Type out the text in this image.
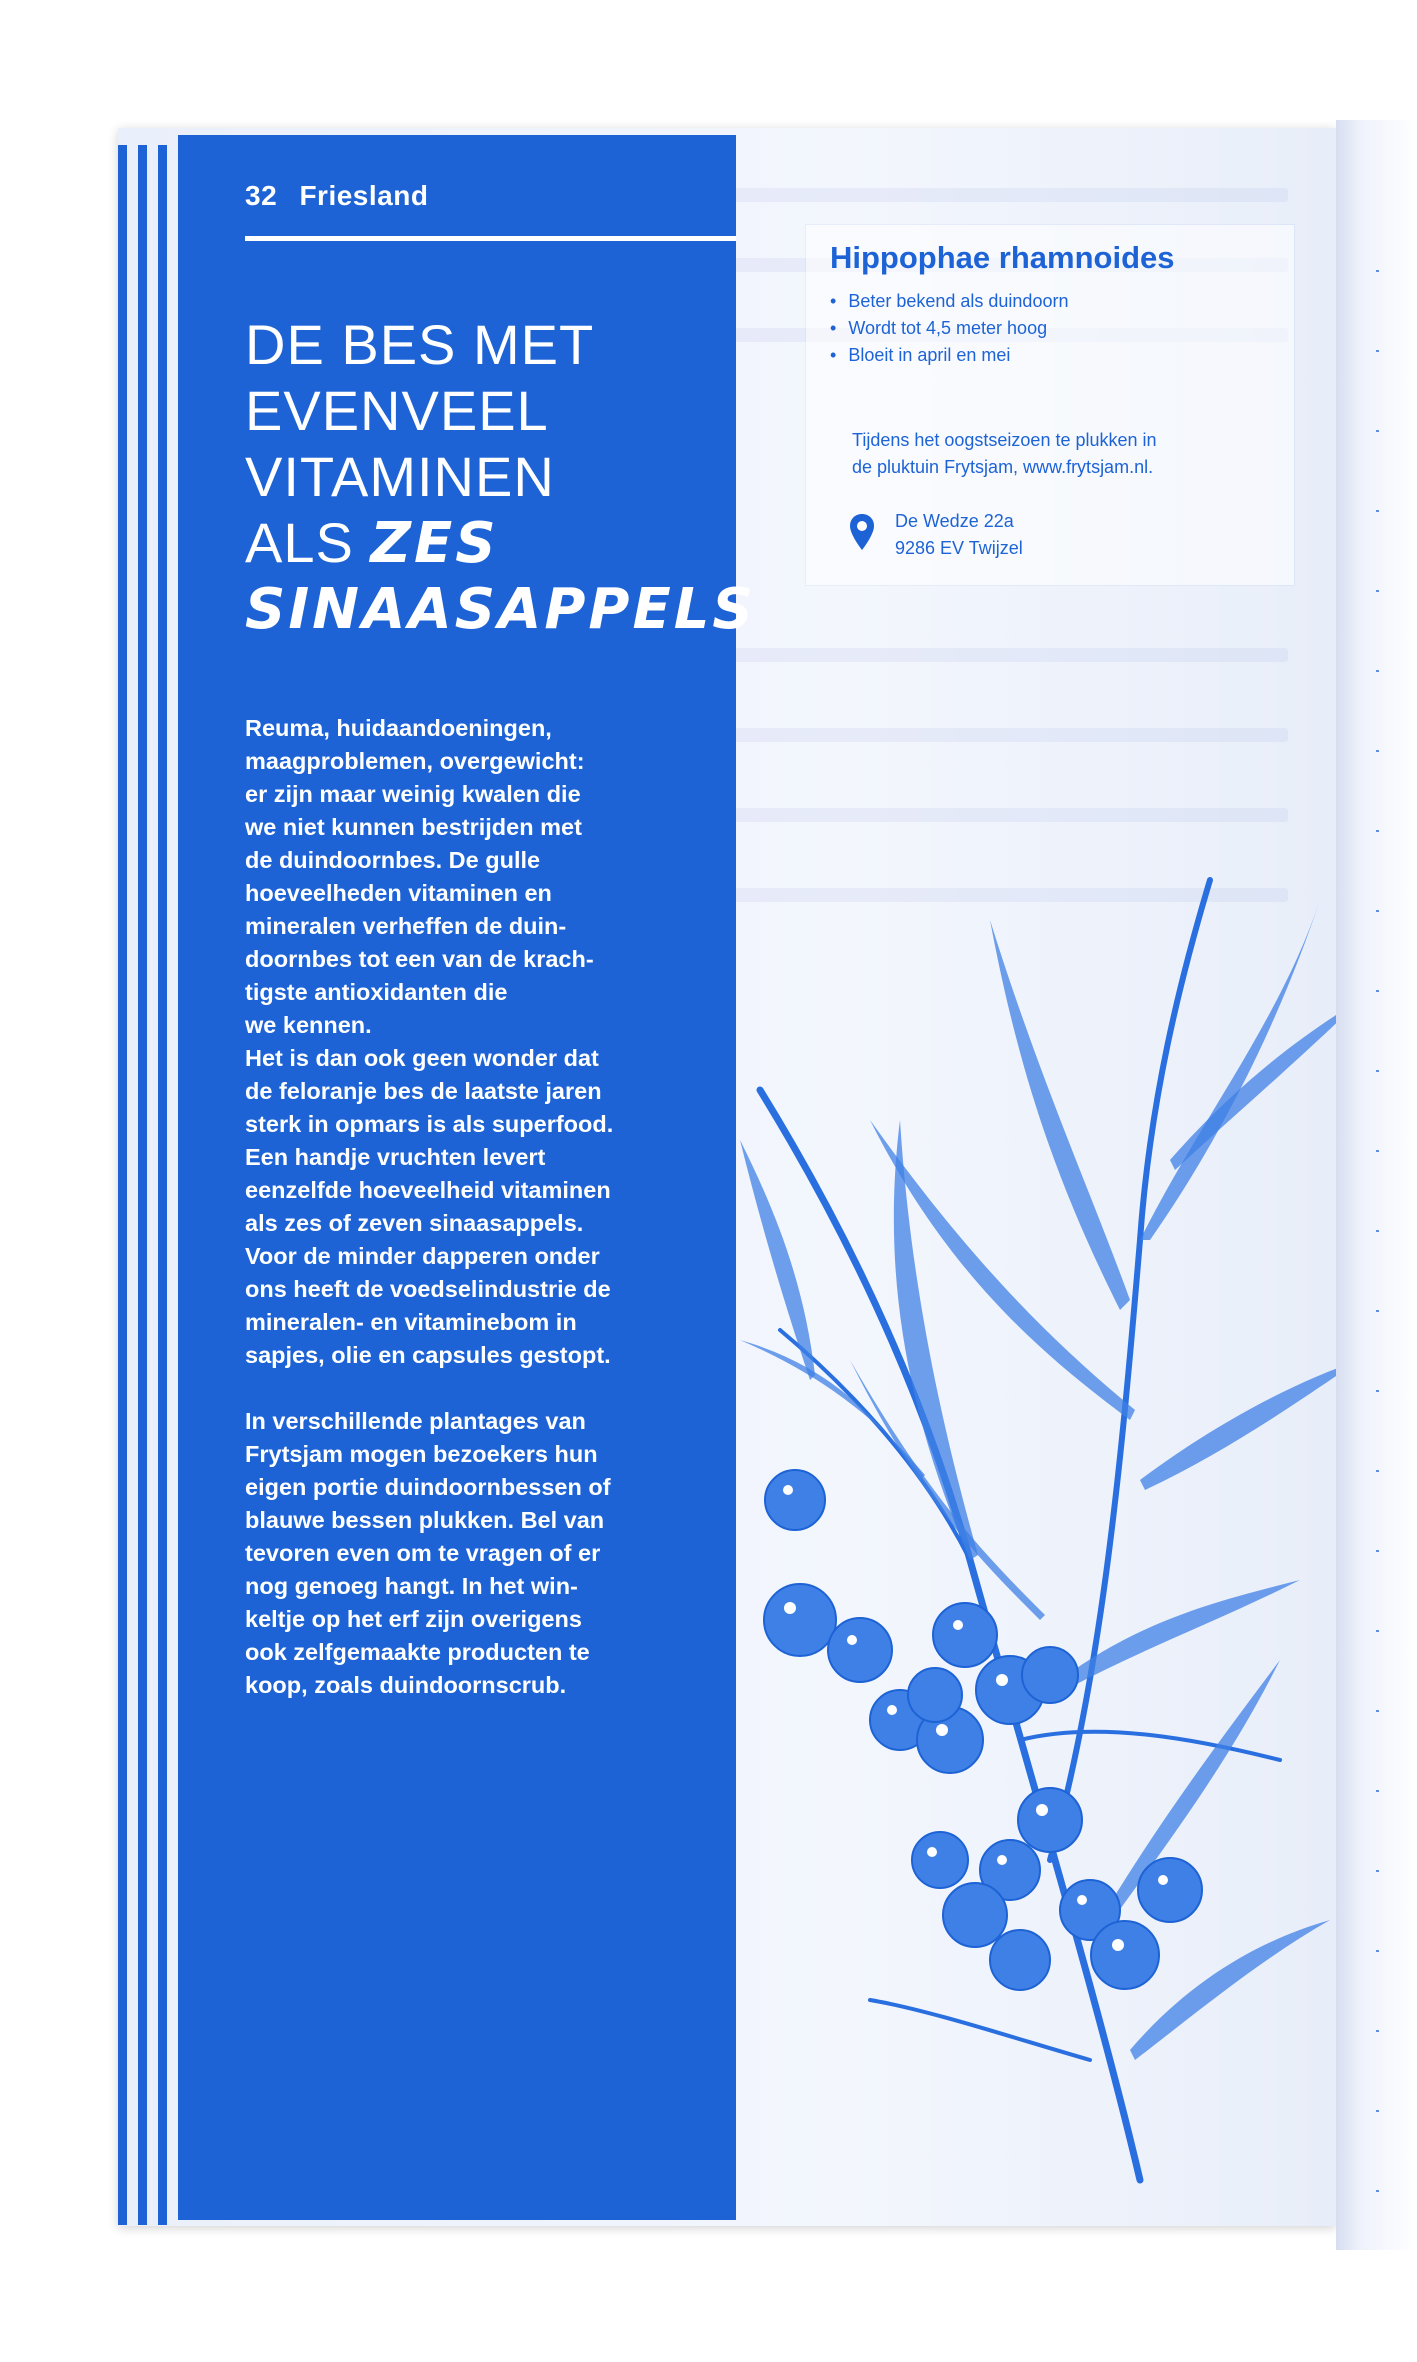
32 Friesland
DE BES MET
EVENVEEL
VITAMINEN
ALS ZES
SINAASAPPELS

Reuma, huidaandoeningen,
maagproblemen, overgewicht:
er zijn maar weinig kwalen die
we niet kunnen bestrijden met
de duindoornbes. De gulle
hoeveelheden vitaminen en
mineralen verheffen de duin-
doornbes tot een van de krach-
tigste antioxidanten die
we kennen.
Het is dan ook geen wonder dat
de feloranje bes de laatste jaren
sterk in opmars is als superfood.
Een handje vruchten levert
eenzelfde hoeveelheid vitaminen
als zes of zeven sinaasappels.
Voor de minder dapperen onder
ons heeft de voedselindustrie de
mineralen- en vitaminebom in
sapjes, olie en capsules gestopt.

In verschillende plantages van
Frytsjam mogen bezoekers hun
eigen portie duindoornbessen of
blauwe bessen plukken. Bel van
tevoren even om te vragen of er
nog genoeg hangt. In het win-
keltje op het erf zijn overigens
ook zelfgemaakte producten te
koop, zoals duindoornscrub.

Hippophae rhamnoides
• Beter bekend als duindoorn
• Wordt tot 4,5 meter hoog
• Bloeit in april en mei
Tijdens het oogstseizoen te plukken in
de pluktuin Frytsjam, www.frytsjam.nl.
De Wedze 22a
9286 EV Twijzel
